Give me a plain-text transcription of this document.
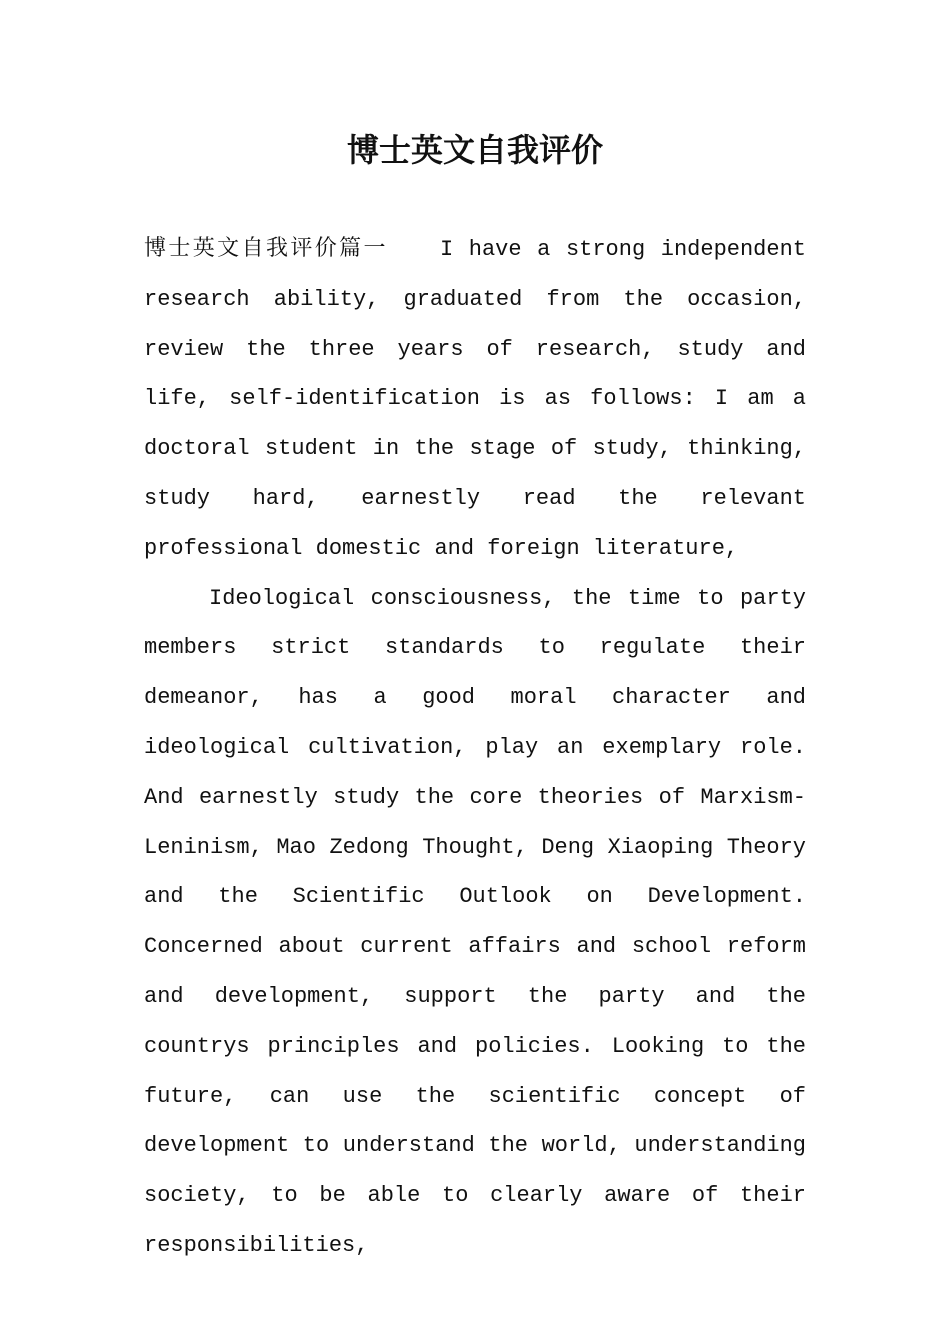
博士英文自我评价

博士英文自我评价篇一 I have a strong independent research ability, graduated from the occasion, review the three years of research, study and life, self-identification is as follows: I am a doctoral student in the stage of study, thinking, study hard, earnestly read the relevant professional domestic and foreign literature,

Ideological consciousness, the time to party members strict standards to regulate their demeanor, has a good moral character and ideological cultivation, play an exemplary role. And earnestly study the core theories of Marxism-Leninism, Mao Zedong Thought, Deng Xiaoping Theory and the Scientific Outlook on Development. Concerned about current affairs and school reform and development, support the party and the countrys principles and policies. Looking to the future, can use the scientific concept of development to understand the world, understanding society, to be able to clearly aware of their responsibilities,
